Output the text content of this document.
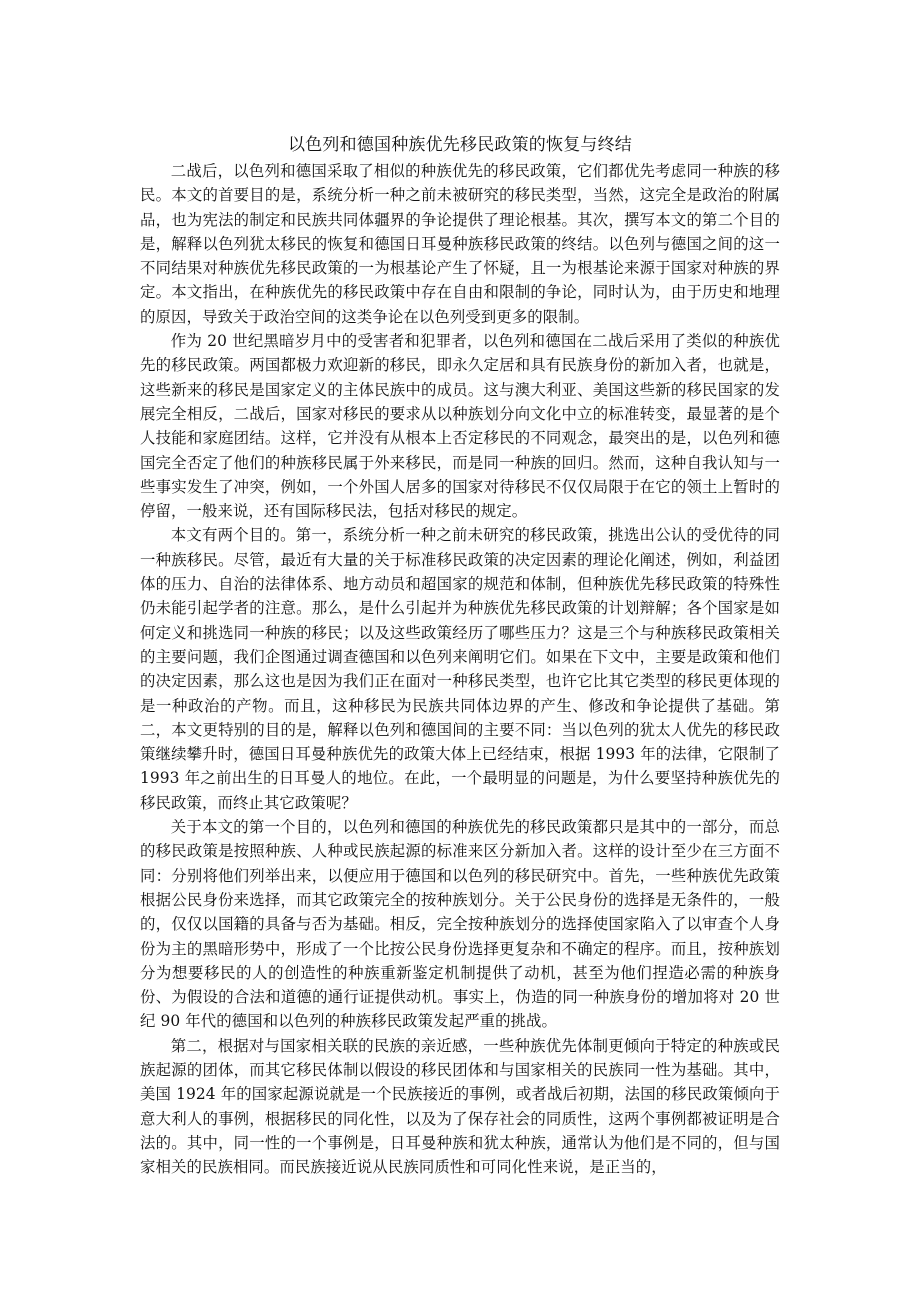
以色列和德国种族优先移民政策的恢复与终结

二战后，以色列和德国采取了相似的种族优先的移民政策，它们都优先考虑同一种族的移民。本文的首要目的是，系统分析一种之前未被研究的移民类型，当然，这完全是政治的附属品，也为宪法的制定和民族共同体疆界的争论提供了理论根基。其次，撰写本文的第二个目的是，解释以色列犹太移民的恢复和德国日耳曼种族移民政策的终结。以色列与德国之间的这一不同结果对种族优先移民政策的一为根基论产生了怀疑，且一为根基论来源于国家对种族的界定。本文指出，在种族优先的移民政策中存在自由和限制的争论，同时认为，由于历史和地理的原因，导致关于政治空间的这类争论在以色列受到更多的限制。

作为 20 世纪黑暗岁月中的受害者和犯罪者，以色列和德国在二战后采用了类似的种族优先的移民政策。两国都极力欢迎新的移民，即永久定居和具有民族身份的新加入者，也就是，这些新来的移民是国家定义的主体民族中的成员。这与澳大利亚、美国这些新的移民国家的发展完全相反，二战后，国家对移民的要求从以种族划分向文化中立的标准转变，最显著的是个人技能和家庭团结。这样，它并没有从根本上否定移民的不同观念，最突出的是，以色列和德国完全否定了他们的种族移民属于外来移民，而是同一种族的回归。然而，这种自我认知与一些事实发生了冲突，例如，一个外国人居多的国家对待移民不仅仅局限于在它的领土上暂时的停留，一般来说，还有国际移民法，包括对移民的规定。

本文有两个目的。第一，系统分析一种之前未研究的移民政策，挑选出公认的受优待的同一种族移民。尽管，最近有大量的关于标准移民政策的决定因素的理论化阐述，例如，利益团体的压力、自治的法律体系、地方动员和超国家的规范和体制，但种族优先移民政策的特殊性仍未能引起学者的注意。那么，是什么引起并为种族优先移民政策的计划辩解；各个国家是如何定义和挑选同一种族的移民；以及这些政策经历了哪些压力？这是三个与种族移民政策相关的主要问题，我们企图通过调查德国和以色列来阐明它们。如果在下文中，主要是政策和他们的决定因素，那么这也是因为我们正在面对一种移民类型，也许它比其它类型的移民更体现的是一种政治的产物。而且，这种移民为民族共同体边界的产生、修改和争论提供了基础。第二，本文更特别的目的是，解释以色列和德国间的主要不同：当以色列的犹太人优先的移民政策继续攀升时，德国日耳曼种族优先的政策大体上已经结束，根据 1993 年的法律，它限制了 1993 年之前出生的日耳曼人的地位。在此，一个最明显的问题是，为什么要坚持种族优先的移民政策，而终止其它政策呢？

关于本文的第一个目的，以色列和德国的种族优先的移民政策都只是其中的一部分，而总的移民政策是按照种族、人种或民族起源的标准来区分新加入者。这样的设计至少在三方面不同：分别将他们列举出来，以便应用于德国和以色列的移民研究中。首先，一些种族优先政策根据公民身份来选择，而其它政策完全的按种族划分。关于公民身份的选择是无条件的，一般的，仅仅以国籍的具备与否为基础。相反，完全按种族划分的选择使国家陷入了以审查个人身份为主的黑暗形势中，形成了一个比按公民身份选择更复杂和不确定的程序。而且，按种族划分为想要移民的人的创造性的种族重新鉴定机制提供了动机，甚至为他们捏造必需的种族身份、为假设的合法和道德的通行证提供动机。事实上，伪造的同一种族身份的增加将对 20 世纪 90 年代的德国和以色列的种族移民政策发起严重的挑战。

第二，根据对与国家相关联的民族的亲近感，一些种族优先体制更倾向于特定的种族或民族起源的团体，而其它移民体制以假设的移民团体和与国家相关的民族同一性为基础。其中，美国 1924 年的国家起源说就是一个民族接近的事例，或者战后初期，法国的移民政策倾向于意大利人的事例，根据移民的同化性，以及为了保存社会的同质性，这两个事例都被证明是合法的。其中，同一性的一个事例是，日耳曼种族和犹太种族，通常认为他们是不同的，但与国家相关的民族相同。而民族接近说从民族同质性和可同化性来说，是正当的，
